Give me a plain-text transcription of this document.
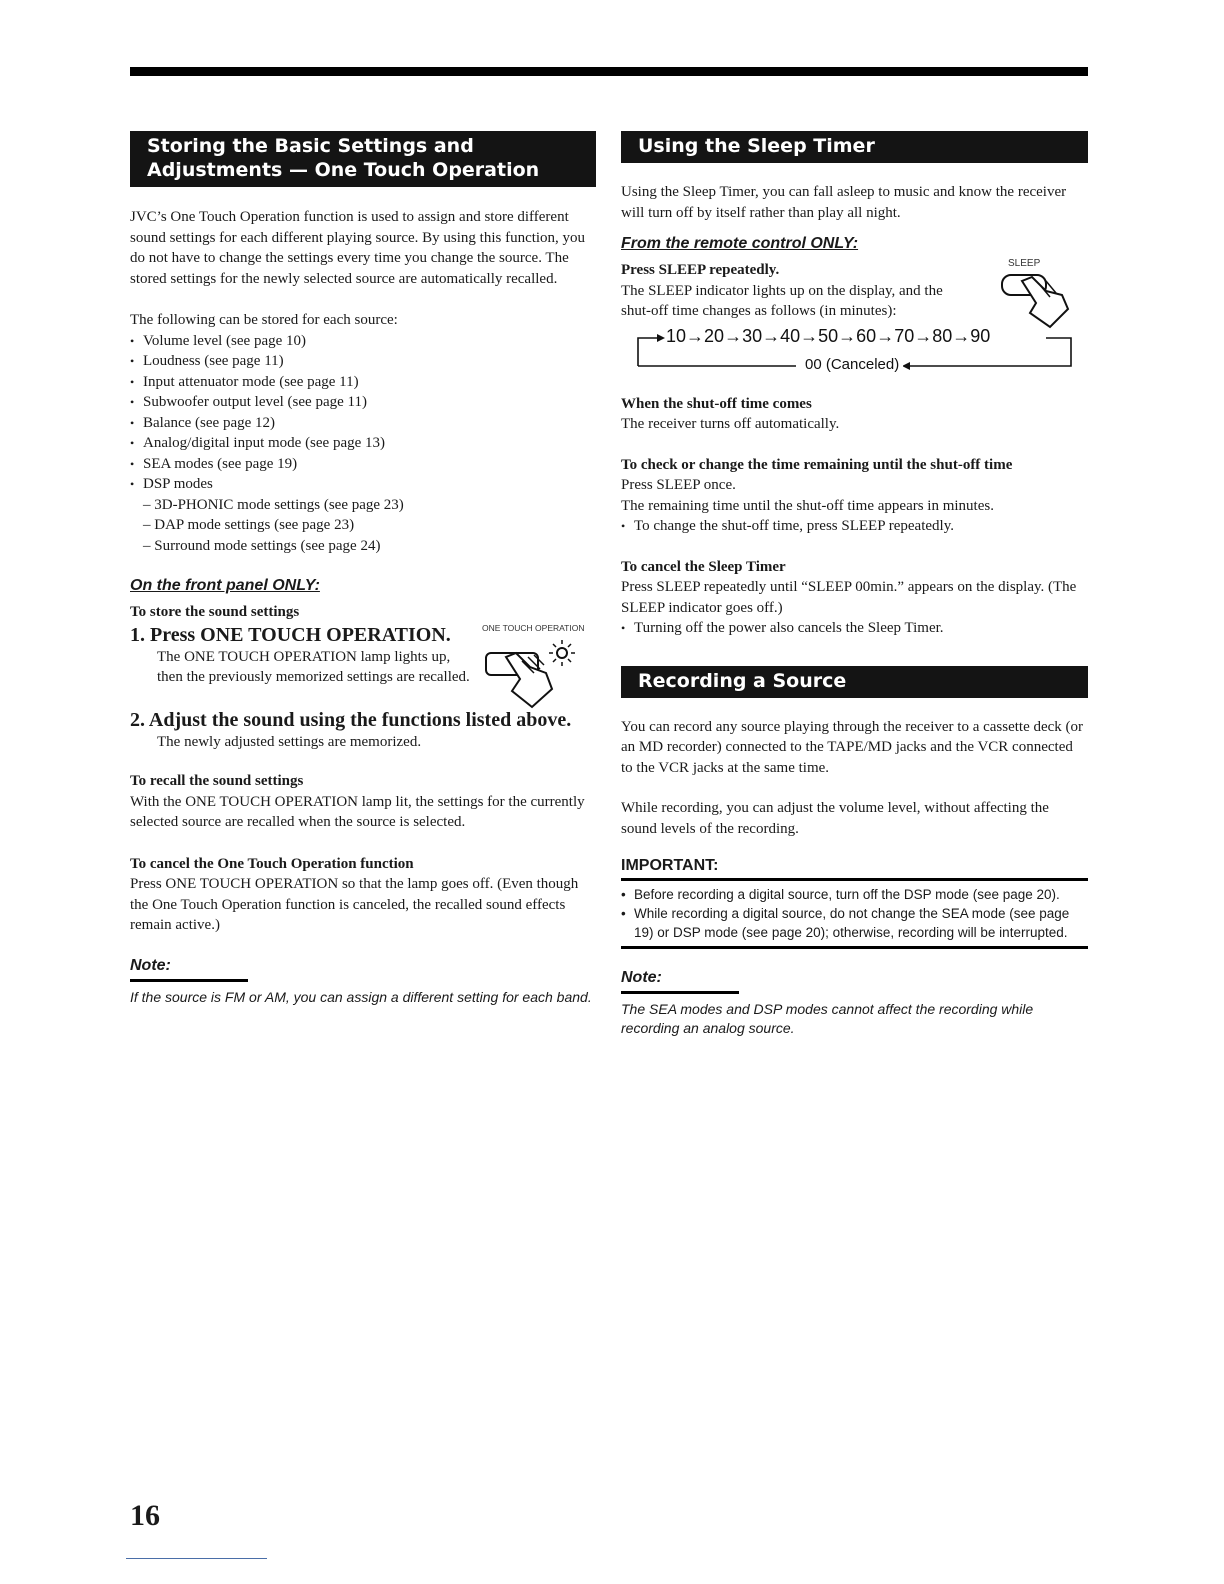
Storing the Basic Settings and
Adjustments — One Touch Operation

JVC’s One Touch Operation function is used to assign and store different sound settings for each different playing source. By using this function, you do not have to change the settings every time you change the source. The stored settings for the newly selected source are automatically recalled.

The following can be stored for each source:

• Volume level (see page 10)
• Loudness (see page 11)
• Input attenuator mode (see page 11)
• Subwoofer output level (see page 11)
• Balance (see page 12)
• Analog/digital input mode (see page 13)
• SEA modes (see page 19)
• DSP modes
– 3D-PHONIC mode settings (see page 23)
– DAP mode settings (see page 23)
– Surround mode settings (see page 24)
On the front panel ONLY:
To store the sound settings
1. Press ONE TOUCH OPERATION.

The ONE TOUCH OPERATION lamp lights up, then the previously memorized settings are recalled.

ONE TOUCH OPERATION
2. Adjust the sound using the functions listed above.

The newly adjusted settings are memorized.

To recall the sound settings

With the ONE TOUCH OPERATION lamp lit, the settings for the currently selected source are recalled when the source is selected.

To cancel the One Touch Operation function

Press ONE TOUCH OPERATION so that the lamp goes off. (Even though the One Touch Operation function is canceled, the recalled sound effects remain active.)

Note:
If the source is FM or AM, you can assign a different setting for each band.
Using the Sleep Timer

Using the Sleep Timer, you can fall asleep to music and know the receiver will turn off by itself rather than play all night.

From the remote control ONLY:
Press SLEEP repeatedly.

The SLEEP indicator lights up on the display, and the shut-off time changes as follows (in minutes):

SLEEP
10→20→30→40→50→60→70→80→90
00 (Canceled)
When the shut-off time comes

The receiver turns off automatically.

To check or change the time remaining until the shut-off time

Press SLEEP once.

The remaining time until the shut-off time appears in minutes.

• To change the shut-off time, press SLEEP repeatedly.
To cancel the Sleep Timer

Press SLEEP repeatedly until “SLEEP 00min.” appears on the display. (The SLEEP indicator goes off.)

• Turning off the power also cancels the Sleep Timer.
Recording a Source

You can record any source playing through the receiver to a cassette deck (or an MD recorder) connected to the TAPE/MD jacks and the VCR connected to the VCR jacks at the same time.

While recording, you can adjust the volume level, without affecting the sound levels of the recording.

IMPORTANT:
• Before recording a digital source, turn off the DSP mode (see page 20).
• While recording a digital source, do not change the SEA mode (see page 19) or DSP mode (see page 20); otherwise, recording will be interrupted.
Note:
The SEA modes and DSP modes cannot affect the recording while recording an analog source.
16
